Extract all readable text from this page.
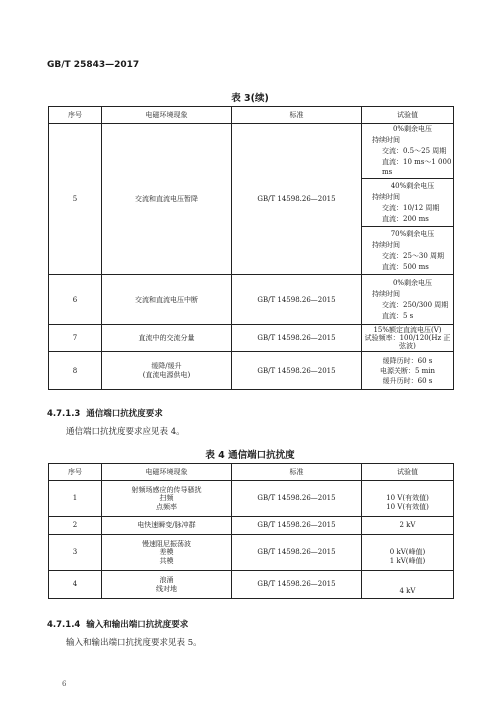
GB/T 25843—2017
表 3(续)
序号	电磁环境现象	标准	试验值
5	交流和直流电压暂降	GB/T 14598.26—2015	0%剩余电压
持续时间
交流：0.5～25 周期
直流：10 ms～1 000 ms

			40%剩余电压
持续时间
交流：10/12 周期
直流：200 ms

			70%剩余电压
持续时间
交流：25～30 周期
直流：500 ms

6	交流和直流电压中断	GB/T 14598.26—2015	0%剩余电压
持续时间
交流：250/300 周期
直流：5 s

7	直流中的交流分量	GB/T 14598.26—2015	15%额定直流电压(V)
试验频率：100/120(Hz 正弦波)

8	缓降/缓升
(直流电源供电)	GB/T 14598.26—2015	缓降历时：60 s
电源关断：5 min
缓升历时：60 s
4.7.1.3 通信端口抗扰度要求
通信端口抗扰度要求应见表 4。
表 4 通信端口抗扰度
序号	电磁环境现象	标准	试验值
1	射频场感应的传导骚扰
扫频
点频率	GB/T 14598.26—2015	10 V(有效值)
10 V(有效值)

2	电快速瞬变/脉冲群	GB/T 14598.26—2015	2 kV
3	慢速阻尼振荡波
差模
共模	GB/T 14598.26—2015	0 kV(峰值)
1 kV(峰值)

4	浪涌
线对地	GB/T 14598.26—2015	4 kV
4.7.1.4 输入和输出端口抗扰度要求
输入和输出端口抗扰度要求见表 5。
6
